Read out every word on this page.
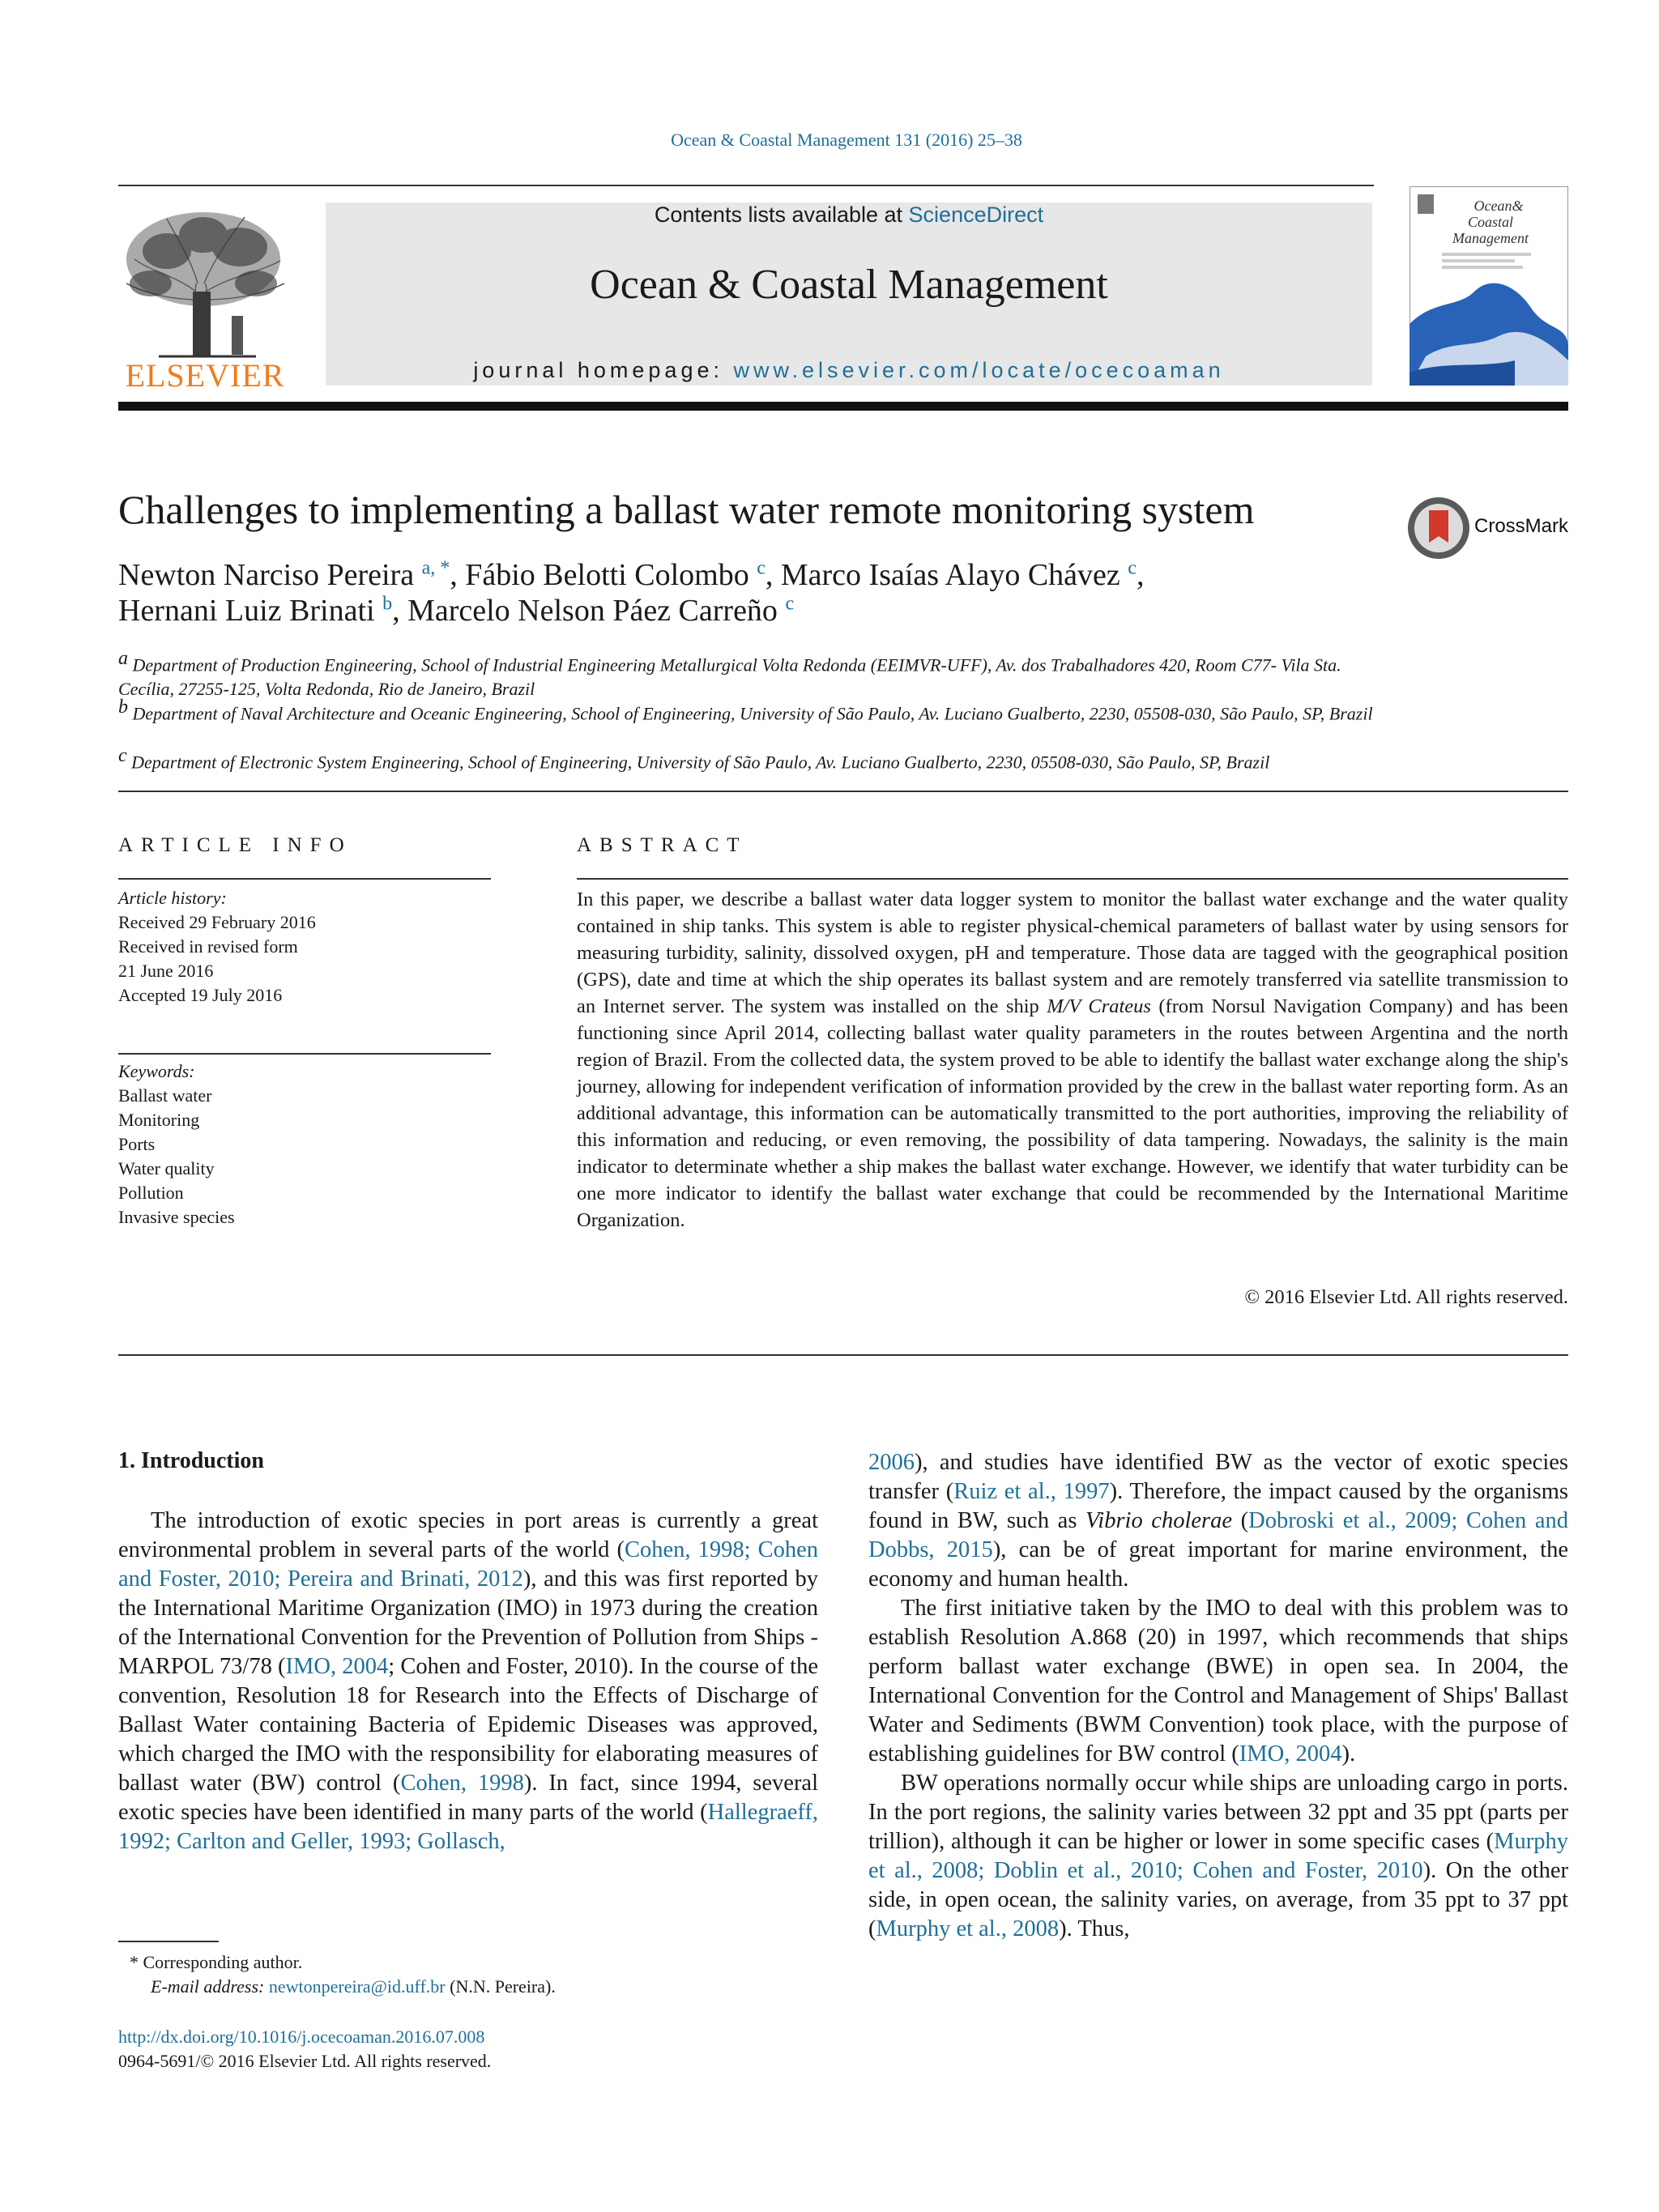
Ocean & Coastal Management 131 (2016) 25–38
ELSEVIER
Contents lists available at ScienceDirect
Ocean & Coastal Management
journal homepage: www.elsevier.com/locate/ocecoaman
Ocean&
Coastal
Management
Challenges to implementing a ballast water remote monitoring system	CrossMark
Newton Narciso Pereira $^{a, *}$, Fábio Belotti Colombo $^c$, Marco Isaías Alayo Chávez $^c$,
Hernani Luiz Brinati $^b$, Marcelo Nelson Páez Carreño $^c$
$^a$ Department of Production Engineering, School of Industrial Engineering Metallurgical Volta Redonda (EEIMVR-UFF), Av. dos Trabalhadores 420, Room C77- Vila Sta. Cecília, 27255-125, Volta Redonda, Rio de Janeiro, Brazil
$^b$ Department of Naval Architecture and Oceanic Engineering, School of Engineering, University of São Paulo, Av. Luciano Gualberto, 2230, 05508-030, São Paulo, SP, Brazil
$^c$ Department of Electronic System Engineering, School of Engineering, University of São Paulo, Av. Luciano Gualberto, 2230, 05508-030, São Paulo, SP, Brazil
ARTICLE INFO	ABSTRACT
Article history:
Received 29 February 2016
Received in revised form
21 June 2016
Accepted 19 July 2016
Keywords:
Ballast water
Monitoring
Ports
Water quality
Pollution
Invasive species
In this paper, we describe a ballast water data logger system to monitor the ballast water exchange and the water quality contained in ship tanks. This system is able to register physical-chemical parameters of ballast water by using sensors for measuring turbidity, salinity, dissolved oxygen, pH and temperature. Those data are tagged with the geographical position (GPS), date and time at which the ship operates its ballast system and are remotely transferred via satellite transmission to an Internet server. The system was installed on the ship M/V Crateus (from Norsul Navigation Company) and has been functioning since April 2014, collecting ballast water quality parameters in the routes between Argentina and the north region of Brazil. From the collected data, the system proved to be able to identify the ballast water exchange along the ship's journey, allowing for independent verification of information provided by the crew in the ballast water reporting form. As an additional advantage, this information can be automatically transmitted to the port authorities, improving the reliability of this information and reducing, or even removing, the possibility of data tampering. Nowadays, the salinity is the main indicator to determinate whether a ship makes the ballast water exchange. However, we identify that water turbidity can be one more indicator to identify the ballast water exchange that could be recommended by the International Maritime Organization.
© 2016 Elsevier Ltd. All rights reserved.
1. Introduction

The introduction of exotic species in port areas is currently a great environmental problem in several parts of the world (Cohen, 1998; Cohen and Foster, 2010; Pereira and Brinati, 2012), and this was first reported by the International Maritime Organization (IMO) in 1973 during the creation of the International Convention for the Prevention of Pollution from Ships - MARPOL 73/78 (IMO, 2004; Cohen and Foster, 2010). In the course of the convention, Resolution 18 for Research into the Effects of Discharge of Ballast Water containing Bacteria of Epidemic Diseases was approved, which charged the IMO with the responsibility for elaborating measures of ballast water (BW) control (Cohen, 1998). In fact, since 1994, several exotic species have been identified in many parts of the world (Hallegraeff, 1992; Carlton and Geller, 1993; Gollasch,

2006), and studies have identified BW as the vector of exotic species transfer (Ruiz et al., 1997). Therefore, the impact caused by the organisms found in BW, such as Vibrio cholerae (Dobroski et al., 2009; Cohen and Dobbs, 2015), can be of great important for marine environment, the economy and human health.

The first initiative taken by the IMO to deal with this problem was to establish Resolution A.868 (20) in 1997, which recommends that ships perform ballast water exchange (BWE) in open sea. In 2004, the International Convention for the Control and Management of Ships' Ballast Water and Sediments (BWM Convention) took place, with the purpose of establishing guidelines for BW control (IMO, 2004).

BW operations normally occur while ships are unloading cargo in ports. In the port regions, the salinity varies between 32 ppt and 35 ppt (parts per trillion), although it can be higher or lower in some specific cases (Murphy et al., 2008; Doblin et al., 2010; Cohen and Foster, 2010). On the other side, in open ocean, the salinity varies, on average, from 35 ppt to 37 ppt (Murphy et al., 2008). Thus,

* Corresponding author.
E-mail address: newtonpereira@id.uff.br (N.N. Pereira).
http://dx.doi.org/10.1016/j.ocecoaman.2016.07.008
0964-5691/© 2016 Elsevier Ltd. All rights reserved.
